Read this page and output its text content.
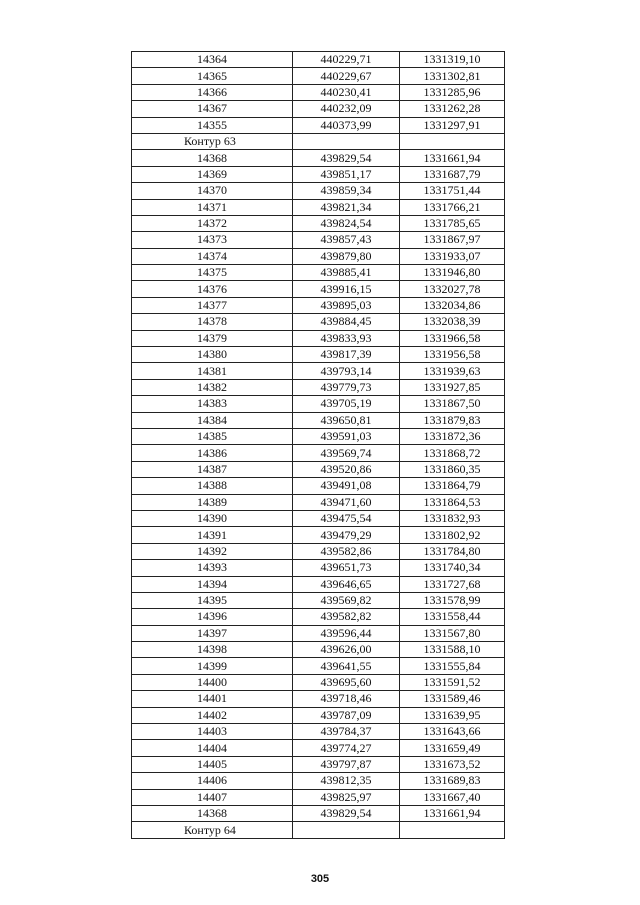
14364	440229,71	1331319,10
14365	440229,67	1331302,81
14366	440230,41	1331285,96
14367	440232,09	1331262,28
14355	440373,99	1331297,91
Контур 63		
14368	439829,54	1331661,94
14369	439851,17	1331687,79
14370	439859,34	1331751,44
14371	439821,34	1331766,21
14372	439824,54	1331785,65
14373	439857,43	1331867,97
14374	439879,80	1331933,07
14375	439885,41	1331946,80
14376	439916,15	1332027,78
14377	439895,03	1332034,86
14378	439884,45	1332038,39
14379	439833,93	1331966,58
14380	439817,39	1331956,58
14381	439793,14	1331939,63
14382	439779,73	1331927,85
14383	439705,19	1331867,50
14384	439650,81	1331879,83
14385	439591,03	1331872,36
14386	439569,74	1331868,72
14387	439520,86	1331860,35
14388	439491,08	1331864,79
14389	439471,60	1331864,53
14390	439475,54	1331832,93
14391	439479,29	1331802,92
14392	439582,86	1331784,80
14393	439651,73	1331740,34
14394	439646,65	1331727,68
14395	439569,82	1331578,99
14396	439582,82	1331558,44
14397	439596,44	1331567,80
14398	439626,00	1331588,10
14399	439641,55	1331555,84
14400	439695,60	1331591,52
14401	439718,46	1331589,46
14402	439787,09	1331639,95
14403	439784,37	1331643,66
14404	439774,27	1331659,49
14405	439797,87	1331673,52
14406	439812,35	1331689,83
14407	439825,97	1331667,40
14368	439829,54	1331661,94
Контур 64		
305
